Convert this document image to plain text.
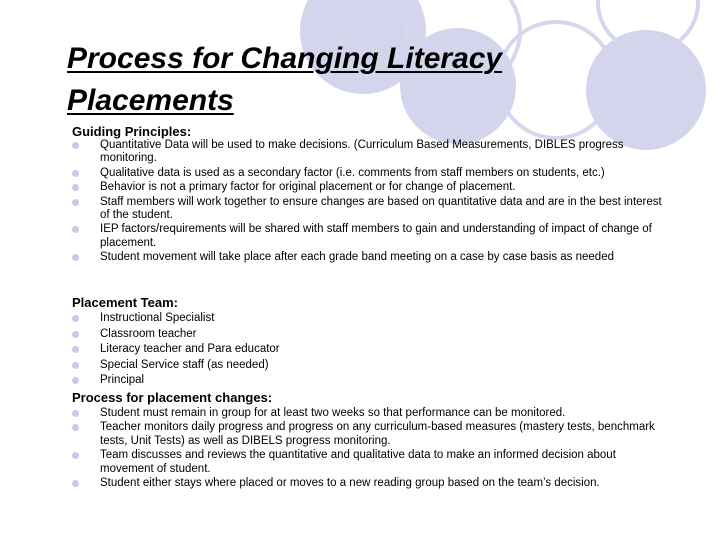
Process for Changing Literacy
Placements
Guiding Principles:
Quantitative Data will be used to make decisions. (Curriculum Based Measurements, DIBLES progress monitoring.
Qualitative data is used as a secondary factor (i.e. comments from staff members on students, etc.)
Behavior is not a primary factor for original placement or for change of placement.
Staff members will work together to ensure changes are based on quantitative data and are in the best interest of the student.
IEP factors/requirements will be shared with staff members to gain and understanding of impact of change of placement.
Student movement will take place after each grade band meeting on a case by case basis as needed
Placement Team:
Instructional Specialist
Classroom teacher
Literacy teacher and Para educator
Special Service staff (as needed)
Principal
Process for placement changes:
Student must remain in group for at least two weeks so that performance can be monitored.
Teacher monitors daily progress and progress on any curriculum-based measures (mastery tests, benchmark tests, Unit Tests) as well as DIBELS progress monitoring.
Team discusses and reviews the quantitative and qualitative data to make an informed decision about movement of student.
Student either stays where placed or moves to a new reading group based on the team’s decision.
